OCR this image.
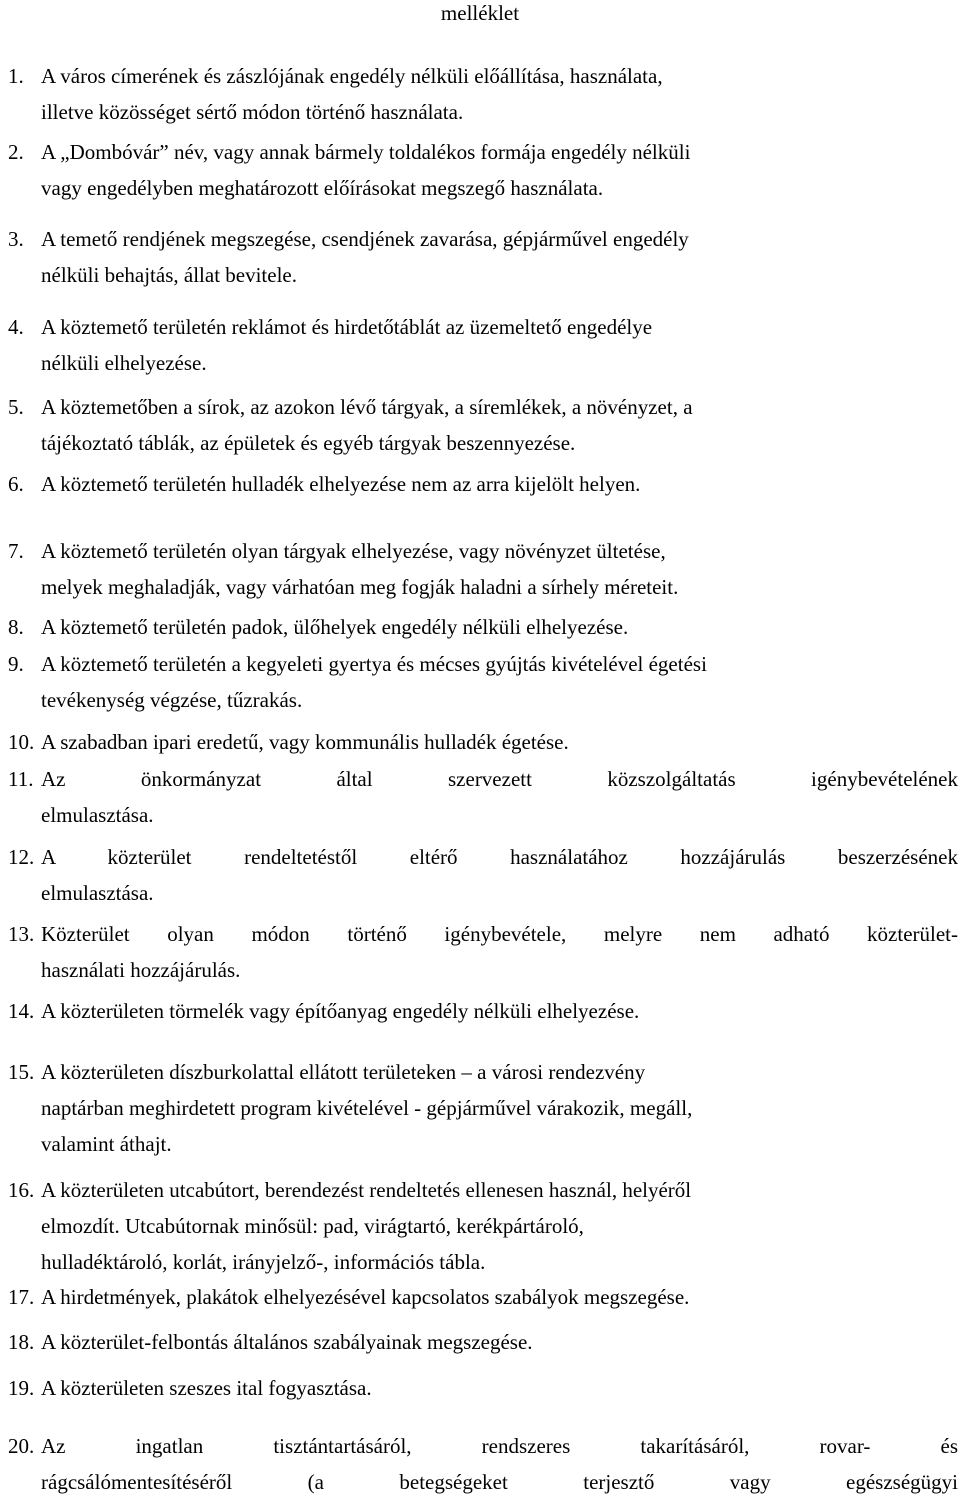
melléklet
1. A város címerének és zászlójának engedély nélküli előállítása, használata,
illetve közösséget sértő módon történő használata.
2. A „Dombóvár” név, vagy annak bármely toldalékos formája engedély nélküli
vagy engedélyben meghatározott előírásokat megszegő használata.
3. A temető rendjének megszegése, csendjének zavarása, gépjárművel engedély
nélküli behajtás, állat bevitele.
4. A köztemető területén reklámot és hirdetőtáblát az üzemeltető engedélye
nélküli elhelyezése.
5. A köztemetőben a sírok, az azokon lévő tárgyak, a síremlékek, a növényzet, a
tájékoztató táblák, az épületek és egyéb tárgyak beszennyezése.
6. A köztemető területén hulladék elhelyezése nem az arra kijelölt helyen.
7. A köztemető területén olyan tárgyak elhelyezése, vagy növényzet ültetése,
melyek meghaladják, vagy várhatóan meg fogják haladni a sírhely méreteit.
8. A köztemető területén padok, ülőhelyek engedély nélküli elhelyezése.
9. A köztemető területén a kegyeleti gyertya és mécses gyújtás kivételével égetési
tevékenység végzése, tűzrakás.
10. A szabadban ipari eredetű, vagy kommunális hulladék égetése.
11. Az önkormányzat által szervezett közszolgáltatás igénybevételének
elmulasztása.
12. A közterület rendeltetéstől eltérő használatához hozzájárulás beszerzésének
elmulasztása.
13. Közterület olyan módon történő igénybevétele, melyre nem adható közterület-
használati hozzájárulás.
14. A közterületen törmelék vagy építőanyag engedély nélküli elhelyezése.
15. A közterületen díszburkolattal ellátott területeken – a városi rendezvény
naptárban meghirdetett program kivételével - gépjárművel várakozik, megáll,
valamint áthajt.
16. A közterületen utcabútort, berendezést rendeltetés ellenesen használ, helyéről
elmozdít. Utcabútornak minősül: pad, virágtartó, kerékpártároló,
hulladéktároló, korlát, irányjelző-, információs tábla.
17. A hirdetmények, plakátok elhelyezésével kapcsolatos szabályok megszegése.
18. A közterület-felbontás általános szabályainak megszegése.
19. A közterületen szeszes ital fogyasztása.
20. Az ingatlan tisztántartásáról, rendszeres takarításáról, rovar- és
rágcsálómentesítéséről (a betegségeket terjesztő vagy egészségügyi
